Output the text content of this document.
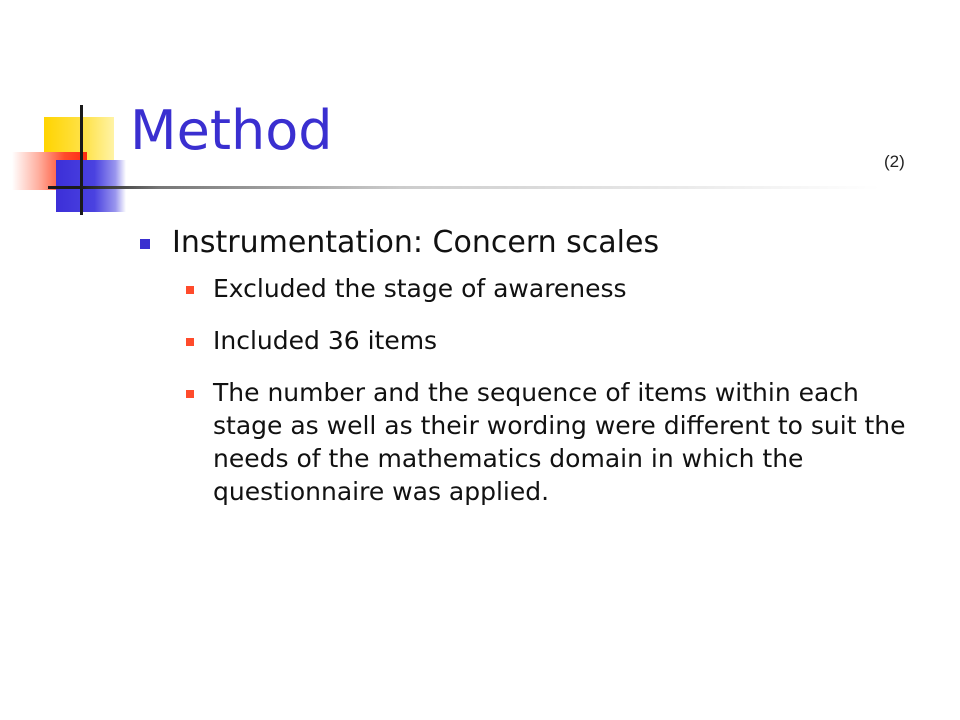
Method	(2)
Instrumentation: Concern scales
Excluded the stage of awareness
Included 36 items
The number and the sequence of items within each stage as well as their wording were different to suit the needs of the mathematics domain in which the questionnaire was applied.
